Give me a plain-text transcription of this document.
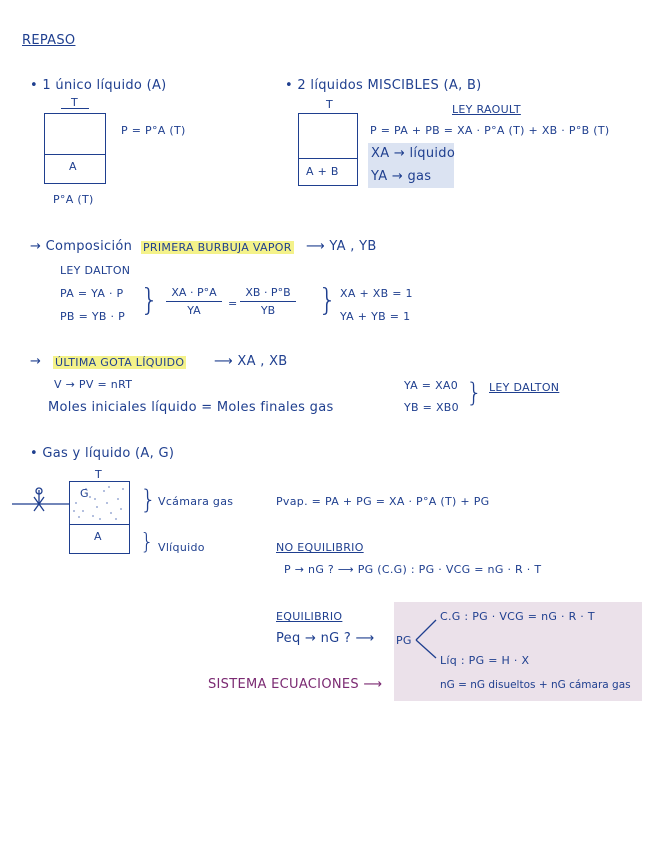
REPASO
• 1 único líquido (A)
T
A
P = P°A (T)
P°A (T)
• 2 líquidos MISCIBLES (A, B)
T
A + B
LEY RAOULT
P = PA + PB = XA · P°A (T) + XB · P°B (T)
XA → líquido
YA → gas
→ Composición PRIMERA BURBUJA VAPOR ⟶ YA , YB
LEY DALTON
PA = YA · P
PB = YB · P }	XA · P°A
YA
=
XB · P°B
YB	} XA + XB = 1
YA + YB = 1
→ ÚLTIMA GOTA LÍQUIDO ⟶ XA , XB
V → PV = nRT
Moles iniciales líquido = Moles finales gas
YA = XA0
YB = XB0 } LEY DALTON
• Gas y líquido (A, G)
T
G
A
} Vcámara gas
} Vlíquido
Pvap. = PA + PG = XA · P°A (T) + PG
NO EQUILIBRIO
P → nG ? ⟶ PG (C.G) : PG · VCG = nG · R · T
EQUILIBRIO
Peq → nG ? ⟶ PG
C.G : PG · VCG = nG · R · T
Líq : PG = H · X
nG = nG disueltos + nG cámara gas
SISTEMA ECUACIONES ⟶
